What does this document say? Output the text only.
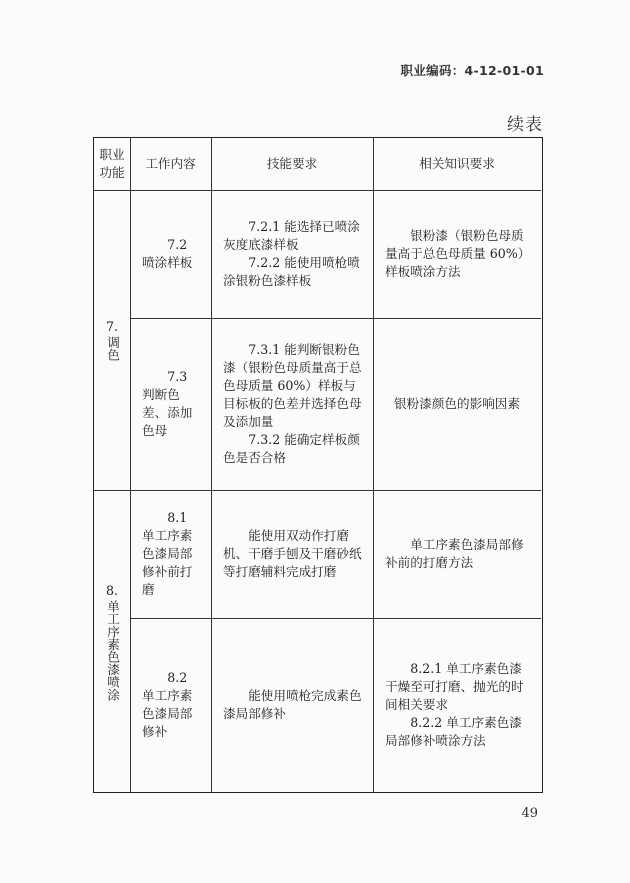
职业编码：4-12-01-01
续表
职业功能
工作内容	技能要求	相关知识要求
7.
调色

7.2 喷涂样板

7.2.1 能选择已喷涂灰度底漆样板

7.2.2 能使用喷枪喷涂银粉色漆样板

银粉漆（银粉色母质量高于总色母质量 60%）样板喷涂方法

7.3 判断色差、添加色母

7.3.1 能判断银粉色漆（银粉色母质量高于总色母质量 60%）样板与目标板的色差并选择色母及添加量

7.3.2 能确定样板颜色是否合格

银粉漆颜色的影响因素
8.
单工序素色漆喷涂

8.1 单工序素色漆局部修补前打磨

能使用双动作打磨机、干磨手刨及干磨砂纸等打磨辅料完成打磨

单工序素色漆局部修补前的打磨方法

8.2 单工序素色漆局部修补

能使用喷枪完成素色漆局部修补

8.2.1 单工序素色漆干燥至可打磨、抛光的时间相关要求

8.2.2 单工序素色漆局部修补喷涂方法

49
